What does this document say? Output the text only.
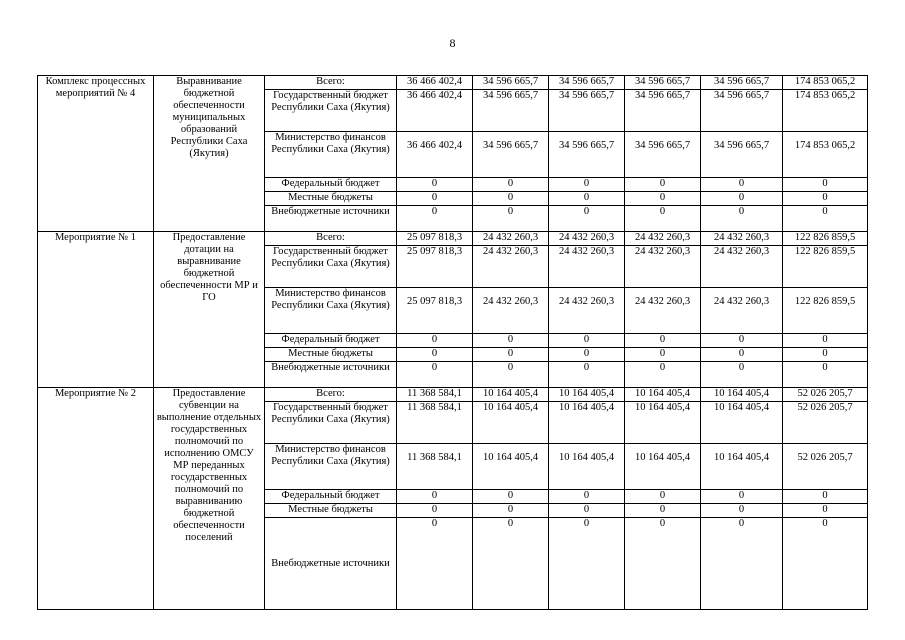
8
Комплекс процессных мероприятий № 4	Выравнивание бюджетной обеспеченности муниципальных образований Республики Саха (Якутия)	Всего:	36 466 402,4	34 596 665,7	34 596 665,7	34 596 665,7	34 596 665,7	174 853 065,2
		Государственный бюджет Республики Саха (Якутия)	36 466 402,4	34 596 665,7	34 596 665,7	34 596 665,7	34 596 665,7	174 853 065,2
		Министерство финансов Республики Саха (Якутия)	36 466 402,4	34 596 665,7	34 596 665,7	34 596 665,7	34 596 665,7	174 853 065,2
		Федеральный бюджет	0	0	0	0	0	0
		Местные бюджеты	0	0	0	0	0	0
		Внебюджетные источники	0	0	0	0	0	0
Мероприятие № 1	Предоставление дотации на выравнивание бюджетной обеспеченности МР и ГО	Всего:	25 097 818,3	24 432 260,3	24 432 260,3	24 432 260,3	24 432 260,3	122 826 859,5
		Государственный бюджет Республики Саха (Якутия)	25 097 818,3	24 432 260,3	24 432 260,3	24 432 260,3	24 432 260,3	122 826 859,5
		Министерство финансов Республики Саха (Якутия)	25 097 818,3	24 432 260,3	24 432 260,3	24 432 260,3	24 432 260,3	122 826 859,5
		Федеральный бюджет	0	0	0	0	0	0
		Местные бюджеты	0	0	0	0	0	0
		Внебюджетные источники	0	0	0	0	0	0
Мероприятие № 2	Предоставление субвенции на выполнение отдельных государственных полномочий по исполнению ОМСУ МР переданных государственных полномочий по выравниванию бюджетной обеспеченности поселений	Всего:	11 368 584,1	10 164 405,4	10 164 405,4	10 164 405,4	10 164 405,4	52 026 205,7
		Государственный бюджет Республики Саха (Якутия)	11 368 584,1	10 164 405,4	10 164 405,4	10 164 405,4	10 164 405,4	52 026 205,7
		Министерство финансов Республики Саха (Якутия)	11 368 584,1	10 164 405,4	10 164 405,4	10 164 405,4	10 164 405,4	52 026 205,7
		Федеральный бюджет	0	0	0	0	0	0
		Местные бюджеты	0	0	0	0	0	0
		Внебюджетные источники	0	0	0	0	0	0
